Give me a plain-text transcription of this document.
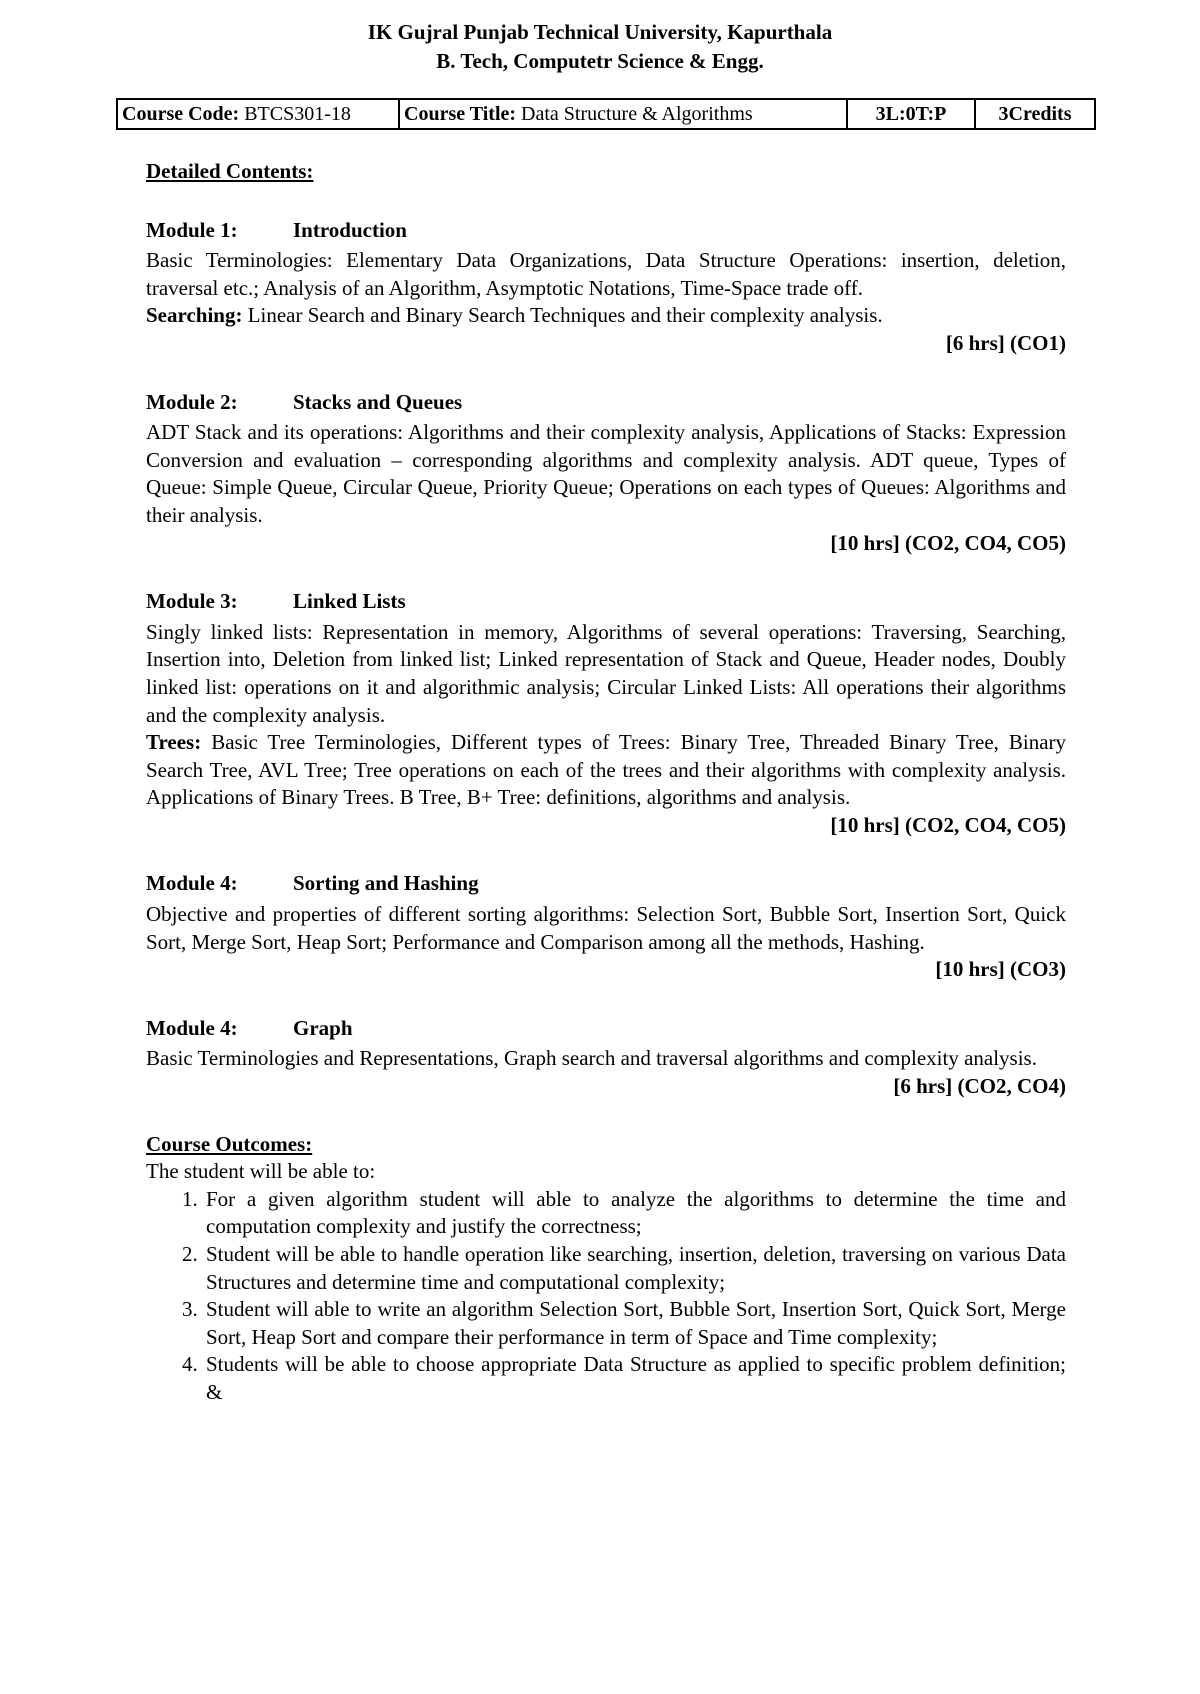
IK Gujral Punjab Technical University, Kapurthala
B. Tech, Computetr Science & Engg.
Course Code: BTCS301-18	Course Title: Data Structure & Algorithms	3L:0T:P	3Credits

Detailed Contents:

Module 1:	Introduction

Basic Terminologies: Elementary Data Organizations, Data Structure Operations: insertion, deletion, traversal etc.; Analysis of an Algorithm, Asymptotic Notations, Time-Space trade off.

Searching: Linear Search and Binary Search Techniques and their complexity analysis.

[6 hrs] (CO1)

Module 2:	Stacks and Queues

ADT Stack and its operations: Algorithms and their complexity analysis, Applications of Stacks: Expression Conversion and evaluation – corresponding algorithms and complexity analysis. ADT queue, Types of Queue: Simple Queue, Circular Queue, Priority Queue; Operations on each types of Queues: Algorithms and their analysis.

[10 hrs] (CO2, CO4, CO5)

Module 3:	Linked Lists

Singly linked lists: Representation in memory, Algorithms of several operations: Traversing, Searching, Insertion into, Deletion from linked list; Linked representation of Stack and Queue, Header nodes, Doubly linked list: operations on it and algorithmic analysis; Circular Linked Lists: All operations their algorithms and the complexity analysis.

Trees: Basic Tree Terminologies, Different types of Trees: Binary Tree, Threaded Binary Tree, Binary Search Tree, AVL Tree; Tree operations on each of the trees and their algorithms with complexity analysis. Applications of Binary Trees. B Tree, B+ Tree: definitions, algorithms and analysis.

[10 hrs] (CO2, CO4, CO5)

Module 4:	Sorting and Hashing

Objective and properties of different sorting algorithms: Selection Sort, Bubble Sort, Insertion Sort, Quick Sort, Merge Sort, Heap Sort; Performance and Comparison among all the methods, Hashing.

[10 hrs] (CO3)

Module 4:	Graph

Basic Terminologies and Representations, Graph search and traversal algorithms and complexity analysis.

[6 hrs] (CO2, CO4)

Course Outcomes:

The student will be able to:

1. For a given algorithm student will able to analyze the algorithms to determine the time and computation complexity and justify the correctness;
2. Student will be able to handle operation like searching, insertion, deletion, traversing on various Data Structures and determine time and computational complexity;
3. Student will able to write an algorithm Selection Sort, Bubble Sort, Insertion Sort, Quick Sort, Merge Sort, Heap Sort and compare their performance in term of Space and Time complexity;
4. Students will be able to choose appropriate Data Structure as applied to specific problem definition; &
